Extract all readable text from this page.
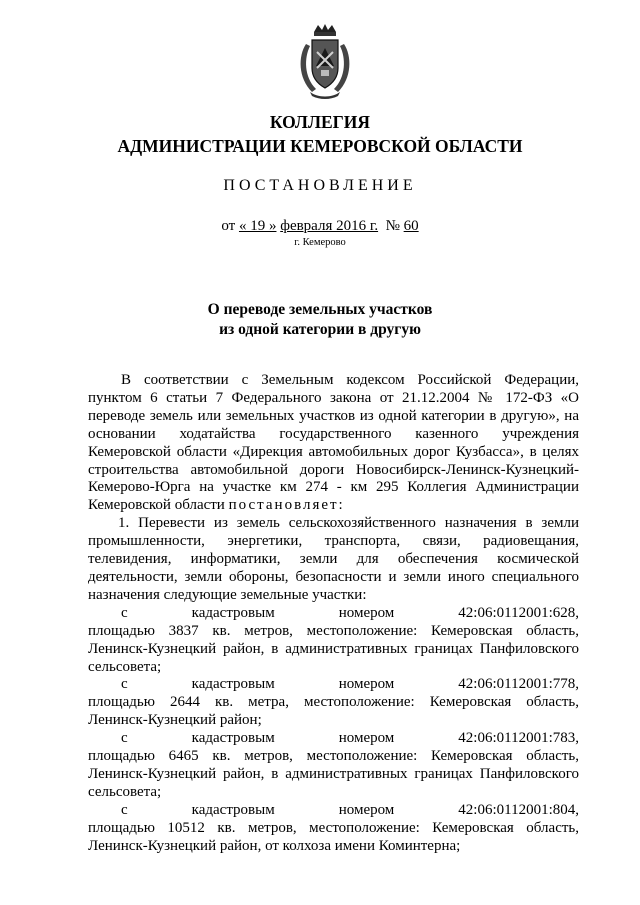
КОЛЛЕГИЯ
АДМИНИСТРАЦИИ КЕМЕРОВСКОЙ ОБЛАСТИ
ПОСТАНОВЛЕНИЕ
от « 19 » февраля 2016 г. № 60
г. Кемерово
О переводе земельных участков
из одной категории в другую

В соответствии с Земельным кодексом Российской Федерации,

пунктом 6 статьи 7 Федерального закона от 21.12.2004 № 172-ФЗ «О

переводе земель или земельных участков из одной категории в другую», на

основании ходатайства государственного казенного учреждения

Кемеровской области «Дирекция автомобильных дорог Кузбасса», в целях

строительства автомобильной дороги Новосибирск-Ленинск-Кузнецкий-

Кемерово-Юрга на участке км 274 - км 295 Коллегия Администрации

Кемеровской области постановляет:

1. Перевести из земель сельскохозяйственного назначения в земли

промышленности, энергетики, транспорта, связи, радиовещания,

телевидения, информатики, земли для обеспечения космической

деятельности, земли обороны, безопасности и земли иного специального

назначения следующие земельные участки:

с кадастровым номером 42:06:0112001:628,

площадью 3837 кв. метров, местоположение: Кемеровская область,

Ленинск-Кузнецкий район, в административных границах Панфиловского

сельсовета;

с кадастровым номером 42:06:0112001:778,

площадью 2644 кв. метра, местоположение: Кемеровская область,

Ленинск-Кузнецкий район;

с кадастровым номером 42:06:0112001:783,

площадью 6465 кв. метров, местоположение: Кемеровская область,

Ленинск-Кузнецкий район, в административных границах Панфиловского

сельсовета;

с кадастровым номером 42:06:0112001:804,

площадью 10512 кв. метров, местоположение: Кемеровская область,

Ленинск-Кузнецкий район, от колхоза имени Коминтерна;
